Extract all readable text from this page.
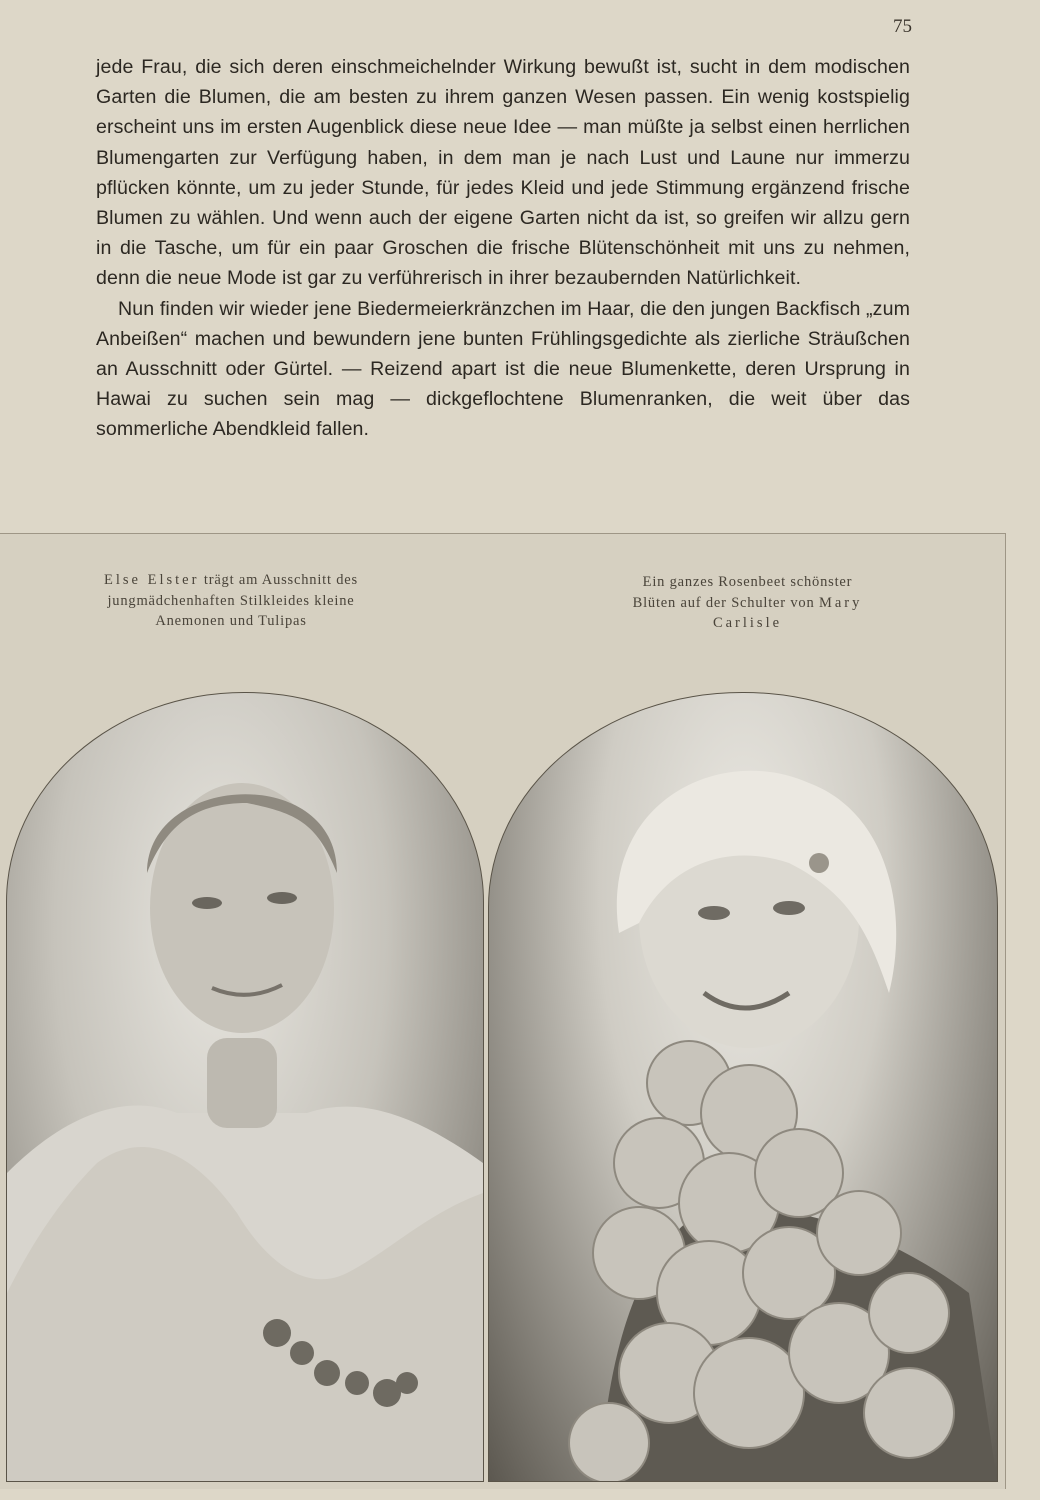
75

jede Frau, die sich deren einschmeichelnder Wirkung bewußt ist, sucht in dem modischen Garten die Blumen, die am besten zu ihrem ganzen Wesen passen. Ein wenig kostspielig erscheint uns im ersten Augenblick diese neue Idee — man müßte ja selbst einen herrlichen Blumengarten zur Verfügung haben, in dem man je nach Lust und Laune nur immerzu pflücken könnte, um zu jeder Stunde, für jedes Kleid und jede Stimmung ergänzend frische Blumen zu wählen. Und wenn auch der eigene Garten nicht da ist, so greifen wir allzu gern in die Tasche, um für ein paar Groschen die frische Blütenschönheit mit uns zu nehmen, denn die neue Mode ist gar zu verführerisch in ihrer bezaubernden Natürlichkeit.

Nun finden wir wieder jene Biedermeierkränzchen im Haar, die den jungen Backfisch „zum Anbeißen“ machen und bewundern jene bunten Frühlingsgedichte als zierliche Sträußchen an Ausschnitt oder Gürtel. — Reizend apart ist die neue Blumenkette, deren Ursprung in Hawai zu suchen sein mag — dickgeflochtene Blumenranken, die weit über das sommerliche Abendkleid fallen.

Else Elster trägt am Ausschnitt des jungmädchenhaften Stilkleides kleine Anemonen und Tulipas
Ein ganzes Rosenbeet schönster Blüten auf der Schulter von Mary Carlisle
